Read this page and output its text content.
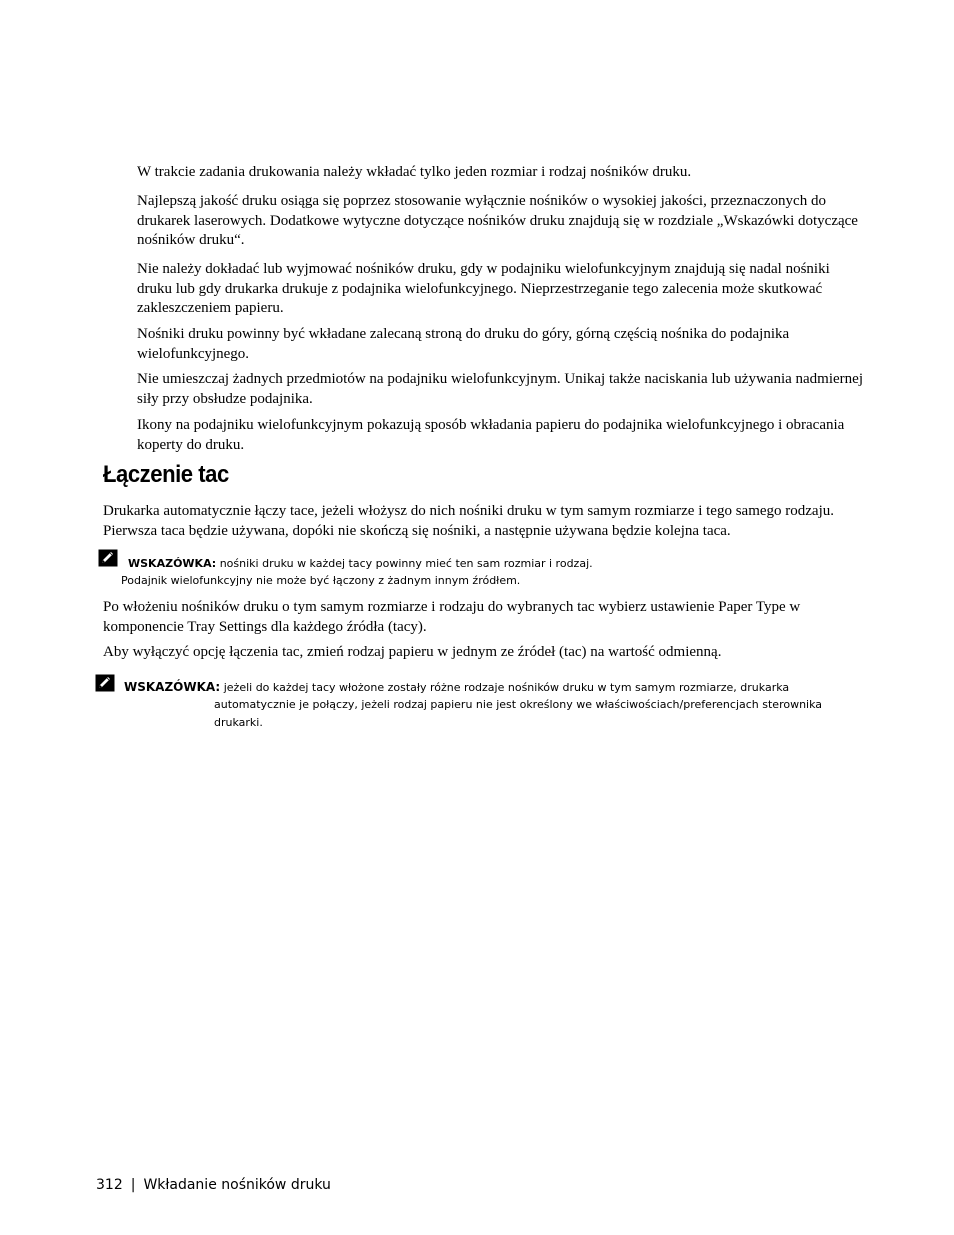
W trakcie zadania drukowania należy wkładać tylko jeden rozmiar i rodzaj nośników druku.

Najlepszą jakość druku osiąga się poprzez stosowanie wyłącznie nośników o wysokiej jakości, przeznaczonych do drukarek laserowych. Dodatkowe wytyczne dotyczące nośników druku znajdują się w rozdziale „Wskazówki dotyczące nośników druku“.

Nie należy dokładać lub wyjmować nośników druku, gdy w podajniku wielofunkcyjnym znajdują się nadal nośniki druku lub gdy drukarka drukuje z podajnika wielofunkcyjnego. Nieprzestrzeganie tego zalecenia może skutkować zakleszczeniem papieru.

Nośniki druku powinny być wkładane zalecaną stroną do druku do góry, górną częścią nośnika do podajnika wielofunkcyjnego.

Nie umieszczaj żadnych przedmiotów na podajniku wielofunkcyjnym. Unikaj także naciskania lub używania nadmiernej siły przy obsłudze podajnika.

Ikony na podajniku wielofunkcyjnym pokazują sposób wkładania papieru do podajnika wielofunkcyjnego i obracania koperty do druku.

Łączenie tac

Drukarka automatycznie łączy tace, jeżeli włożysz do nich nośniki druku w tym samym rozmiarze i tego samego rodzaju. Pierwsza taca będzie używana, dopóki nie skończą się nośniki, a następnie używana będzie kolejna taca.

WSKAZÓWKA: nośniki druku w każdej tacy powinny mieć ten sam rozmiar i rodzaj.
Podajnik wielofunkcyjny nie może być łączony z żadnym innym źródłem.

Po włożeniu nośników druku o tym samym rozmiarze i rodzaju do wybranych tac wybierz ustawienie Paper Type w komponencie Tray Settings dla każdego źródła (tacy).

Aby wyłączyć opcję łączenia tac, zmień rodzaj papieru w jednym ze źródeł (tac) na wartość odmienną.

WSKAZÓWKA: jeżeli do każdej tacy włożone zostały różne rodzaje nośników druku w tym samym rozmiarze, drukarka
automatycznie je połączy, jeżeli rodzaj papieru nie jest określony we właściwościach/preferencjach sterownika
drukarki.
312 | Wkładanie nośników druku
